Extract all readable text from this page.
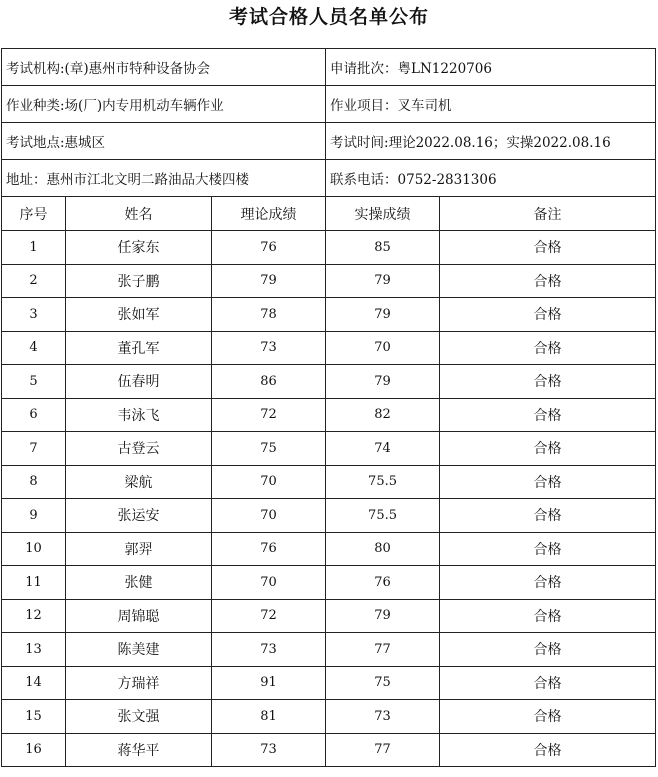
考试合格人员名单公布
考试机构:(章)惠州市特种设备协会			申请批次：粤LN1220706	
作业种类:场(厂)内专用机动车辆作业			作业项目：叉车司机	
考试地点:惠城区			考试时间:理论2022.08.16；实操2022.08.16	
地址：惠州市江北文明二路油品大楼四楼			联系电话：0752-2831306	
序号	姓名	理论成绩	实操成绩	备注
1	任家东	76	85	合格
2	张子鹏	79	79	合格
3	张如军	78	79	合格
4	董孔军	73	70	合格
5	伍春明	86	79	合格
6	韦泳飞	72	82	合格
7	古登云	75	74	合格
8	梁航	70	75.5	合格
9	张运安	70	75.5	合格
10	郭羿	76	80	合格
11	张健	70	76	合格
12	周锦聪	72	79	合格
13	陈美建	73	77	合格
14	方瑞祥	91	75	合格
15	张文强	81	73	合格
16	蒋华平	73	77	合格
